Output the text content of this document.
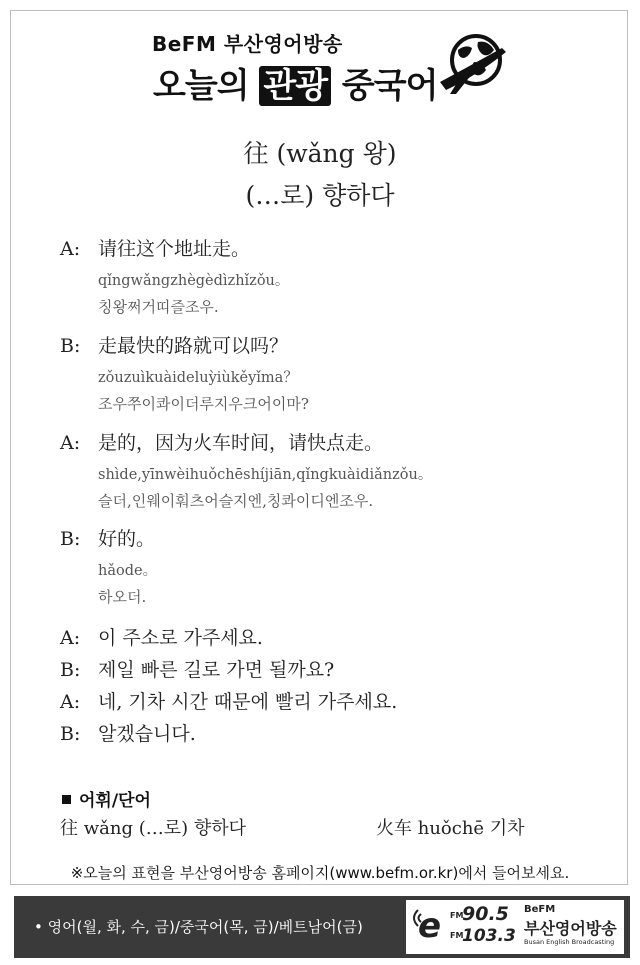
BeFM 부산영어방송
오늘의 관광 중국어
往 (wǎng 왕)
(…로) 향하다
A: 请往这个地址走。
qǐngwǎngzhègèdìzhǐzǒu。
칭왕쩌거띠즐조우.
B: 走最快的路就可以吗？
zǒuzuìkuàideluỳiùkěyǐma？
조우쭈이콰이더루지우크어이마?
A: 是的，因为火车时间，请快点走。
shìde,yīnwèihuǒchēshíjiān,qǐngkuàidiǎnzǒu。
슬더,인웨이훠츠어슬지엔,칭콰이디엔조우.
B: 好的。
hǎode。
하오더.
A: 이 주소로 가주세요.
B: 제일 빠른 길로 가면 될까요?
A: 네, 기차 시간 때문에 빨리 가주세요.
B: 알겠습니다.
어휘/단어
往 wǎng (…로) 향하다	火车 huǒchē 기차
※오늘의 표현을 부산영어방송 홈페이지(www.befm.or.kr)에서 들어보세요.
• 영어(월, 화, 수, 금)/중국어(목, 금)/베트남어(금) e FM
90.5
FM
103.3
BeFM
부산영어방송
Busan English Broadcasting
